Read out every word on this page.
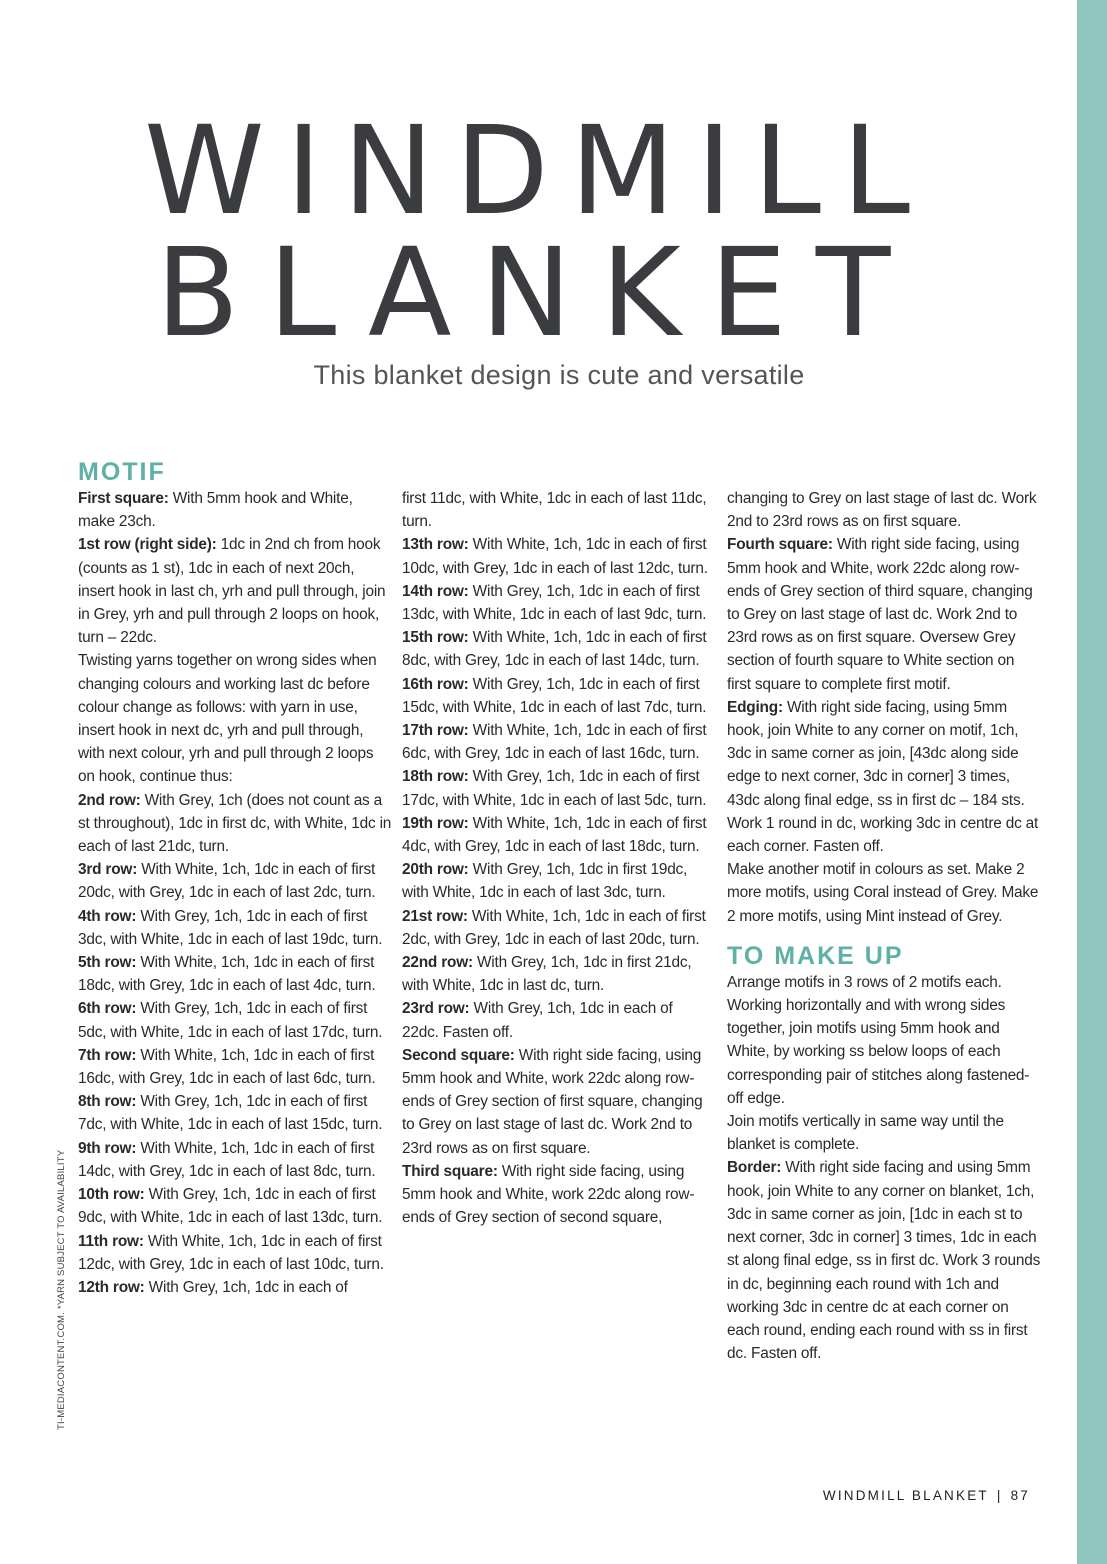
WINDMILL
BLANKET
This blanket design is cute and versatile
MOTIF

First square: With 5mm hook and White, make 23ch.

1st row (right side): 1dc in 2nd ch from hook (counts as 1 st), 1dc in each of next 20ch, insert hook in last ch, yrh and pull through, join in Grey, yrh and pull through 2 loops on hook, turn – 22dc.

Twisting yarns together on wrong sides when changing colours and working last dc before colour change as follows: with yarn in use, insert hook in next dc, yrh and pull through, with next colour, yrh and pull through 2 loops on hook, continue thus:

2nd row: With Grey, 1ch (does not count as a st throughout), 1dc in first dc, with White, 1dc in each of last 21dc, turn.

3rd row: With White, 1ch, 1dc in each of first 20dc, with Grey, 1dc in each of last 2dc, turn.

4th row: With Grey, 1ch, 1dc in each of first 3dc, with White, 1dc in each of last 19dc, turn.

5th row: With White, 1ch, 1dc in each of first 18dc, with Grey, 1dc in each of last 4dc, turn.

6th row: With Grey, 1ch, 1dc in each of first 5dc, with White, 1dc in each of last 17dc, turn.

7th row: With White, 1ch, 1dc in each of first 16dc, with Grey, 1dc in each of last 6dc, turn.

8th row: With Grey, 1ch, 1dc in each of first 7dc, with White, 1dc in each of last 15dc, turn.

9th row: With White, 1ch, 1dc in each of first 14dc, with Grey, 1dc in each of last 8dc, turn.

10th row: With Grey, 1ch, 1dc in each of first 9dc, with White, 1dc in each of last 13dc, turn.

11th row: With White, 1ch, 1dc in each of first 12dc, with Grey, 1dc in each of last 10dc, turn.

12th row: With Grey, 1ch, 1dc in each of

first 11dc, with White, 1dc in each of last 11dc, turn.

13th row: With White, 1ch, 1dc in each of first 10dc, with Grey, 1dc in each of last 12dc, turn.

14th row: With Grey, 1ch, 1dc in each of first 13dc, with White, 1dc in each of last 9dc, turn.

15th row: With White, 1ch, 1dc in each of first 8dc, with Grey, 1dc in each of last 14dc, turn.

16th row: With Grey, 1ch, 1dc in each of first 15dc, with White, 1dc in each of last 7dc, turn.

17th row: With White, 1ch, 1dc in each of first 6dc, with Grey, 1dc in each of last 16dc, turn.

18th row: With Grey, 1ch, 1dc in each of first 17dc, with White, 1dc in each of last 5dc, turn.

19th row: With White, 1ch, 1dc in each of first 4dc, with Grey, 1dc in each of last 18dc, turn.

20th row: With Grey, 1ch, 1dc in first 19dc, with White, 1dc in each of last 3dc, turn.

21st row: With White, 1ch, 1dc in each of first 2dc, with Grey, 1dc in each of last 20dc, turn.

22nd row: With Grey, 1ch, 1dc in first 21dc, with White, 1dc in last dc, turn.

23rd row: With Grey, 1ch, 1dc in each of 22dc. Fasten off.

Second square: With right side facing, using 5mm hook and White, work 22dc along row-ends of Grey section of first square, changing to Grey on last stage of last dc. Work 2nd to 23rd rows as on first square.

Third square: With right side facing, using 5mm hook and White, work 22dc along row-ends of Grey section of second square,

changing to Grey on last stage of last dc. Work 2nd to 23rd rows as on first square.

Fourth square: With right side facing, using 5mm hook and White, work 22dc along row-ends of Grey section of third square, changing to Grey on last stage of last dc. Work 2nd to 23rd rows as on first square. Oversew Grey section of fourth square to White section on first square to complete first motif.

Edging: With right side facing, using 5mm hook, join White to any corner on motif, 1ch, 3dc in same corner as join, [43dc along side edge to next corner, 3dc in corner] 3 times, 43dc along final edge, ss in first dc – 184 sts. Work 1 round in dc, working 3dc in centre dc at each corner. Fasten off.

Make another motif in colours as set. Make 2 more motifs, using Coral instead of Grey. Make 2 more motifs, using Mint instead of Grey.

TO MAKE UP

Arrange motifs in 3 rows of 2 motifs each. Working horizontally and with wrong sides together, join motifs using 5mm hook and White, by working ss below loops of each corresponding pair of stitches along fastened-off edge.

Join motifs vertically in same way until the blanket is complete.

Border: With right side facing and using 5mm hook, join White to any corner on blanket, 1ch, 3dc in same corner as join, [1dc in each st to next corner, 3dc in corner] 3 times, 1dc in each st along final edge, ss in first dc. Work 3 rounds in dc, beginning each round with 1ch and working 3dc in centre dc at each corner on each round, ending each round with ss in first dc. Fasten off.

TI-MEDIACONTENT.COM. *YARN SUBJECT TO AVAILABILITY
WINDMILL BLANKET | 87
